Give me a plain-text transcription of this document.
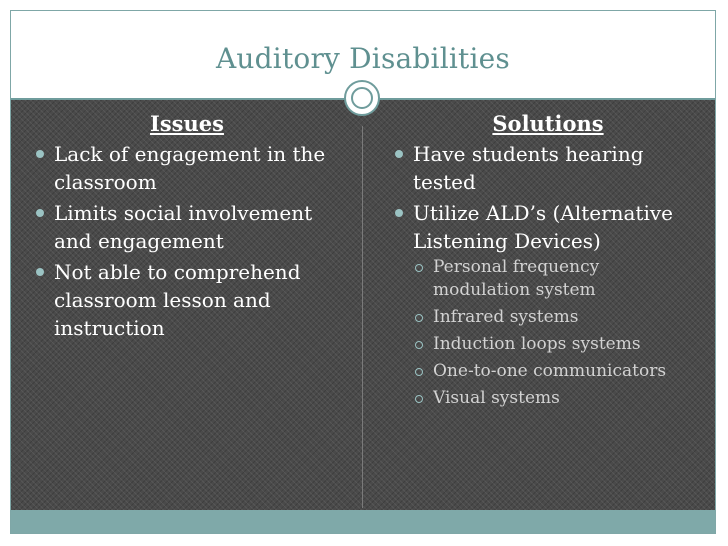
Auditory Disabilities
Issues
Lack of engagement in the classroom
Limits social involvement and engagement
Not able to comprehend classroom lesson and instruction
Solutions
Have students hearing tested
Utilize ALD’s (Alternative Listening Devices)
Personal frequency modulation system
Infrared systems
Induction loops systems
One-to-one communicators
Visual systems
